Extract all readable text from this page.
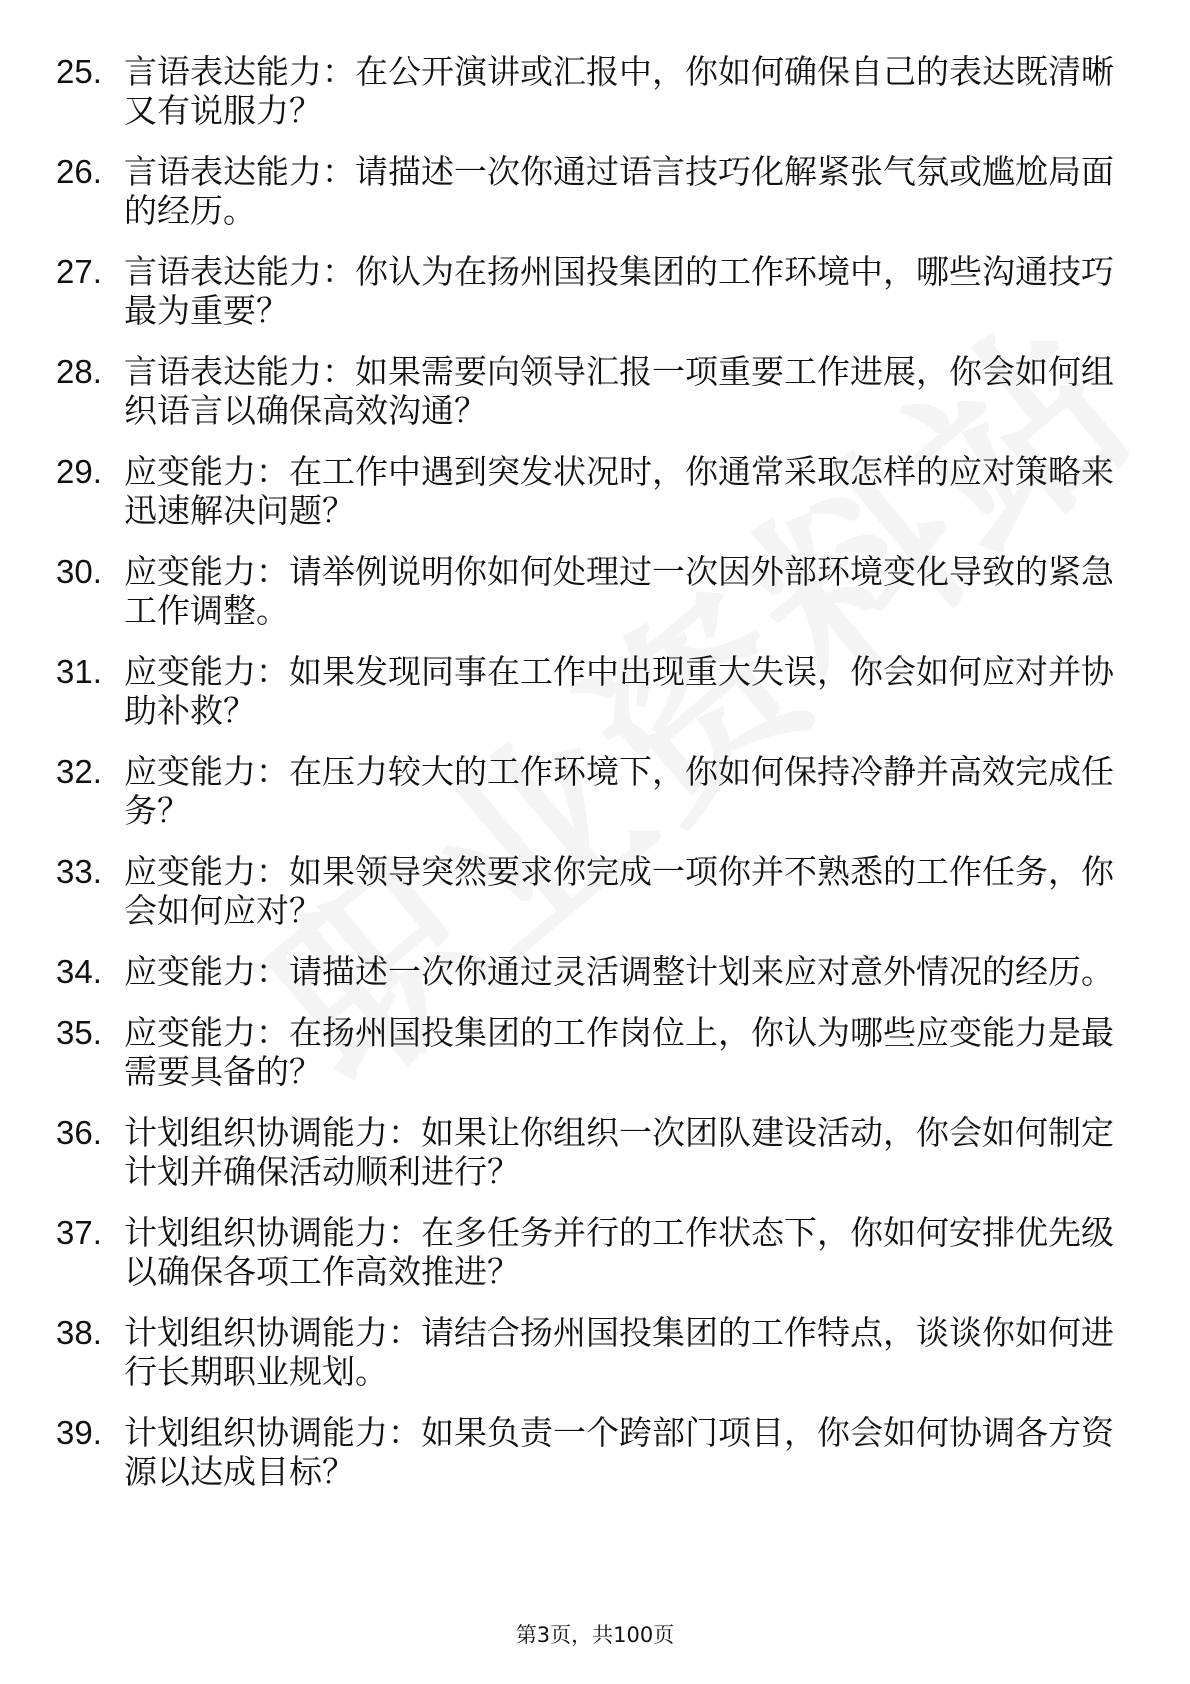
25. 言语表达能力：在公开演讲或汇报中，你如何确保自己的表达既清晰又有说服力？
26. 言语表达能力：请描述一次你通过语言技巧化解紧张气氛或尴尬局面的经历。
27. 言语表达能力：你认为在扬州国投集团的工作环境中，哪些沟通技巧最为重要？
28. 言语表达能力：如果需要向领导汇报一项重要工作进展，你会如何组织语言以确保高效沟通？
29. 应变能力：在工作中遇到突发状况时，你通常采取怎样的应对策略来迅速解决问题？
30. 应变能力：请举例说明你如何处理过一次因外部环境变化导致的紧急工作调整。
31. 应变能力：如果发现同事在工作中出现重大失误，你会如何应对并协助补救？
32. 应变能力：在压力较大的工作环境下，你如何保持冷静并高效完成任务？
33. 应变能力：如果领导突然要求你完成一项你并不熟悉的工作任务，你会如何应对？
34. 应变能力：请描述一次你通过灵活调整计划来应对意外情况的经历。
35. 应变能力：在扬州国投集团的工作岗位上，你认为哪些应变能力是最需要具备的？
36. 计划组织协调能力：如果让你组织一次团队建设活动，你会如何制定计划并确保活动顺利进行？
37. 计划组织协调能力：在多任务并行的工作状态下，你如何安排优先级以确保各项工作高效推进？
38. 计划组织协调能力：请结合扬州国投集团的工作特点，谈谈你如何进行长期职业规划。
39. 计划组织协调能力：如果负责一个跨部门项目，你会如何协调各方资源以达成目标？
第3页，共100页
